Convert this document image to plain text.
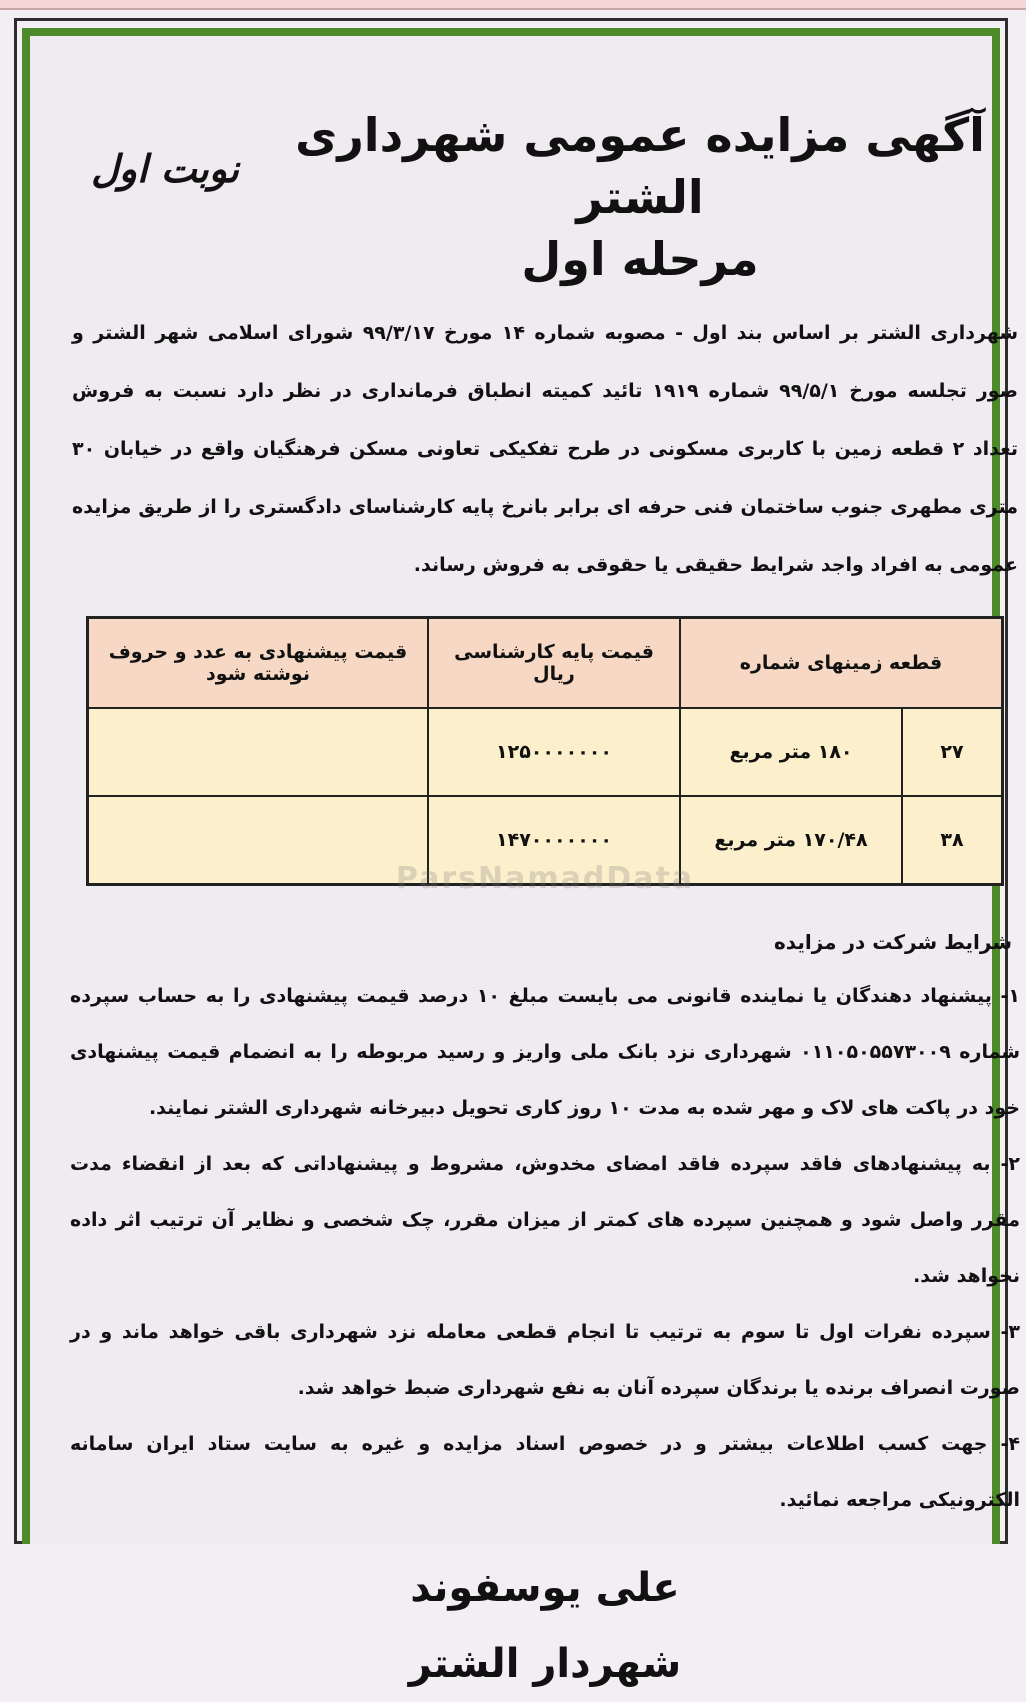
آگهی مزایده عمومی شهرداری الشتر
مرحله اول
نوبت اول
شهرداری الشتر بر اساس بند اول - مصوبه شماره ۱۴ مورخ ۹۹/۳/۱۷ شورای اسلامی شهر الشتر و صور تجلسه مورخ ۹۹/۵/۱ شماره ۱۹۱۹ تائید کمیته انطباق فرمانداری در نظر دارد نسبت به فروش تعداد ۲ قطعه زمین با کاربری مسکونی در طرح تفکیکی تعاونی مسکن فرهنگیان واقع در خیابان ۳۰ متری مطهری جنوب ساختمان فنی حرفه ای برابر بانرخ پایه کارشناسای دادگستری را از طریق مزایده عمومی به افراد واجد شرایط حقیقی یا حقوقی به فروش رساند.
قطعه زمینهای شماره		قیمت پایه کارشناسی ریال	قیمت پیشنهادی به عدد و حروف نوشته شود
۲۷	۱۸۰ متر مربع	۱۲۵۰۰۰۰۰۰۰	
۳۸	۱۷۰/۴۸ متر مربع	۱۴۷۰۰۰۰۰۰۰	
ParsNamadData
شرایط شرکت در مزایده

۱- پیشنهاد دهندگان یا نماینده قانونی می بایست مبلغ ۱۰ درصد قیمت پیشنهادی را به حساب سپرده شماره ۰۱۱۰۵۰۵۵۷۳۰۰۹ شهرداری نزد بانک ملی واریز و رسید مربوطه را به انضمام قیمت پیشنهادی خود در پاکت های لاک و مهر شده به مدت ۱۰ روز کاری تحویل دبیرخانه شهرداری الشتر نمایند.

۲- به پیشنهادهای فاقد سپرده فاقد امضای مخدوش، مشروط و پیشنهاداتی که بعد از انقضاء مدت مقرر واصل شود و همچنین سپرده های کمتر از میزان مقرر، چک شخصی و نظایر آن ترتیب اثر داده نخواهد شد.

۳- سپرده نفرات اول تا سوم به ترتیب تا انجام قطعی معامله نزد شهرداری باقی خواهد ماند و در صورت انصراف برنده یا برندگان سپرده آنان به نفع شهرداری ضبط خواهد شد.

۴- جهت کسب اطلاعات بیشتر و در خصوص اسناد مزایده و غیره به سایت ستاد ایران سامانه الکترونیکی مراجعه نمائید.

علی یوسفوند
شهردار الشتر
